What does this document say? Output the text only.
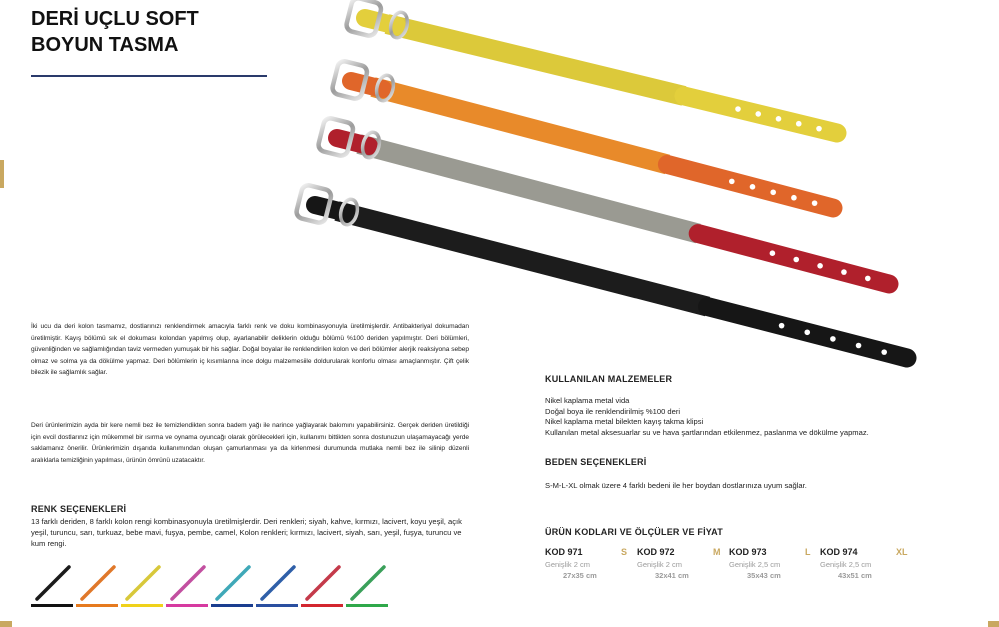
DERİ UÇLU SOFT
BOYUN TASMA

İki ucu da deri kolon tasmamız, dostlarınızı renklendirmek amacıyla farklı renk ve doku kombinasyonuyla üretilmişlerdir. Antibakteriyal dokumadan üretilmiştir. Kayış bölümü sık el dokuması kolondan yapılmış olup, ayarlanabilir deliklerin olduğu bölümü %100 deriden yapılmıştır. Deri bölümleri, güvenliğinden ve sağlamlığından taviz vermeden yumuşak bir his sağlar. Doğal boyalar ile renklendirilen kolon ve deri bölümler alerjik reaksiyona sebep olmaz ve solma ya da dökülme yapmaz. Deri bölümlerin iç kısımlarına ince dolgu malzemesiile doldurularak konforlu olması amaçlanmıştır. Çift çelik bilezik ile sağlamlık sağlar.

Deri ürünlerimizin ayda bir kere nemli bez ile temizlendikten sonra badem yağı ile narince yağlayarak bakımını yapabilirsiniz. Gerçek deriden üretildiği için evcil dostlarınız için mükemmel bir ısırma ve oynama oyuncağı olarak görülecekleri için, kullanımı bittikten sonra dostunuzun ulaşamayacağı yerde saklamanız önerilir. Ürünlerimizin dışarıda kullanımından oluşan çamurlanması ya da kirlenmesi durumunda mutlaka nemli bez ile silinip düzenli aralıklarla temizliğinin yapılması, ürünün ömrünü uzatacaktır.

RENK SEÇENEKLERİ

13 farklı deriden, 8 farklı kolon rengi kombinasyonuyla üretilmişlerdir. Deri renkleri; siyah, kahve, kırmızı, lacivert, koyu yeşil, açık yeşil, turuncu, sarı, turkuaz, bebe mavi, fuşya, pembe, camel, Kolon renkleri; kırmızı, lacivert, siyah, sarı, yeşil, fuşya, turuncu ve kum rengi.

KULLANILAN MALZEMELER
Nikel kaplama metal vida
Doğal boya ile renklendirilmiş %100 deri
Nikel kaplama metal bilekten kayış takma klipsi
Kullanılan metal aksesuarlar su ve hava şartlarından etkilenmez, paslanma ve dökülme yapmaz.
BEDEN SEÇENEKLERİ

S-M-L-XL olmak üzere 4 farklı bedeni ile her boydan dostlarınıza uyum sağlar.

ÜRÜN KODLARI VE ÖLÇÜLER VE FİYAT
KOD 971	S
Genişlik 2 cm
27x35 cm
KOD 972	M
Genişlik 2 cm
32x41 cm
KOD 973	L
Genişlik 2,5 cm
35x43 cm
KOD 974	XL
Genişlik 2,5 cm
43x51 cm
